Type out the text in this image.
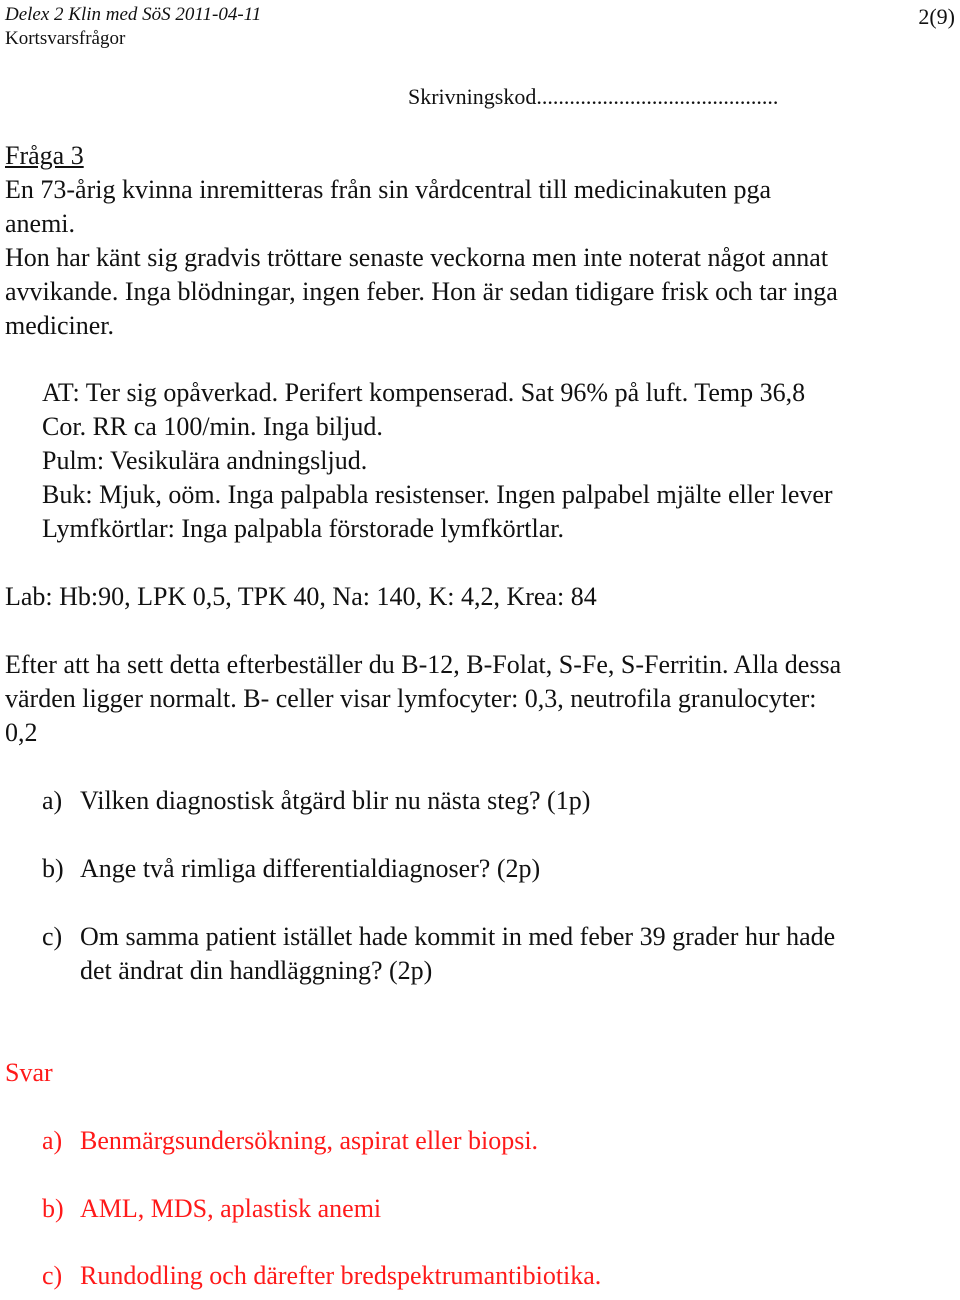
Delex 2 Klin med SöS 2011-04-11
Kortsvarsfrågor
2(9)
Skrivningskod............................................
Fråga 3
En 73-årig kvinna inremitteras från sin vårdcentral till medicinakuten pga
anemi.
Hon har känt sig gradvis tröttare senaste veckorna men inte noterat något annat
avvikande. Inga blödningar, ingen feber. Hon är sedan tidigare frisk och tar inga
mediciner.
AT: Ter sig opåverkad. Perifert kompenserad. Sat 96% på luft. Temp 36,8
Cor. RR ca 100/min. Inga biljud.
Pulm: Vesikulära andningsljud.
Buk: Mjuk, oöm. Inga palpabla resistenser. Ingen palpabel mjälte eller lever
Lymfkörtlar: Inga palpabla förstorade lymfkörtlar.
Lab: Hb:90, LPK 0,5, TPK 40, Na: 140, K: 4,2, Krea: 84
Efter att ha sett detta efterbeställer du B-12, B-Folat, S-Fe, S-Ferritin. Alla dessa
värden ligger normalt. B- celler visar lymfocyter: 0,3, neutrofila granulocyter:
0,2
a) Vilken diagnostisk åtgärd blir nu nästa steg? (1p)
b) Ange två rimliga differentialdiagnoser? (2p)
c) Om samma patient istället hade kommit in med feber 39 grader hur hade
det ändrat din handläggning? (2p)
Svar
a) Benmärgsundersökning, aspirat eller biopsi.
b) AML, MDS, aplastisk anemi
c) Rundodling och därefter bredspektrumantibiotika.
